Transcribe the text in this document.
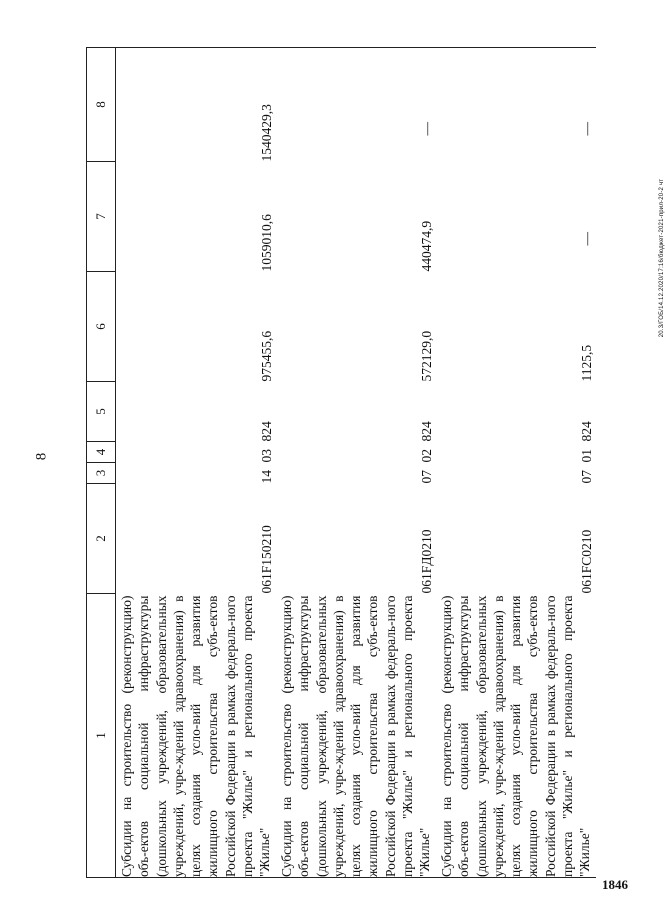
8
20.3/ГОБ/14.12.2020/17:16/бюджет-2021-прил-20-2 чт
1846
1	2	3	4	5	6	7	8
Субсидии на строительство (реконструкцию) объ-ектов социальной инфраструктуры (дошкольных учреждений, образовательных учреждений, учре-ждений здравоохранения) в целях создания усло-вий для развития жилищного строительства субъ-ектов Российской Федерации в рамках федераль-ного проекта "Жилье" и регионального проекта "Жилье"	061F150210	14	03	824	975455,6	1059010,6	1540429,3
Субсидии на строительство (реконструкцию) объ-ектов социальной инфраструктуры (дошкольных учреждений, образовательных учреждений, учре-ждений здравоохранения) в целях создания усло-вий для развития жилищного строительства субъ-ектов Российской Федерации в рамках федераль-ного проекта "Жилье" и регионального проекта "Жилье"	061FД0210	07	02	824	572129,0	440474,9	—
Субсидии на строительство (реконструкцию) объ-ектов социальной инфраструктуры (дошкольных учреждений, образовательных учреждений, учре-ждений здравоохранения) в целях создания усло-вий для развития жилищного строительства субъ-ектов Российской Федерации в рамках федераль-ного проекта "Жилье" и регионального проекта "Жилье"	061FС0210	07	01	824	1125,5	—	—
